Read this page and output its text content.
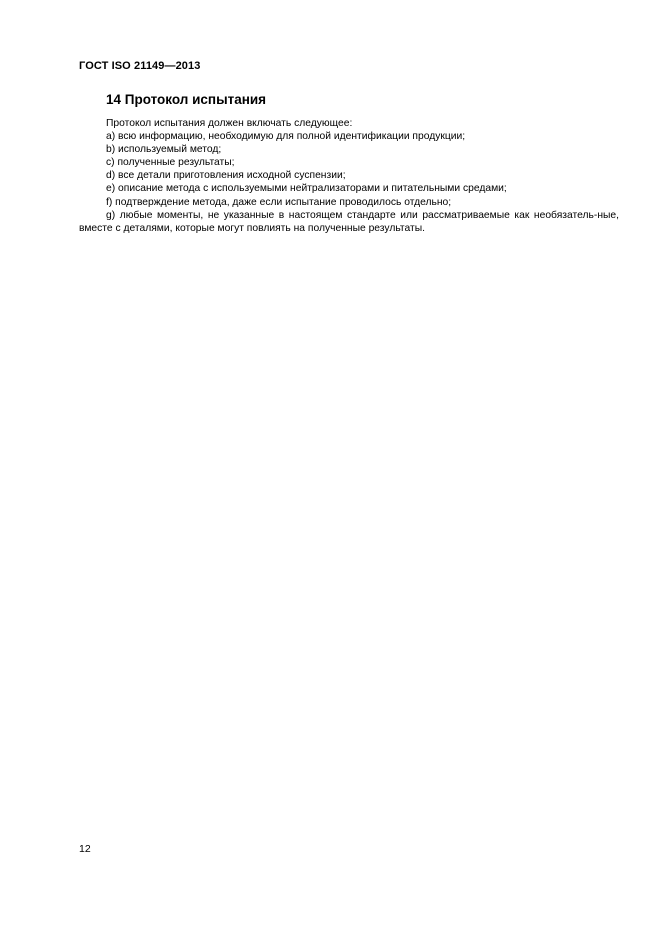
ГОСТ ISO 21149—2013
14 Протокол испытания

Протокол испытания должен включать следующее:

a) всю информацию, необходимую для полной идентификации продукции;

b) используемый метод;

c) полученные результаты;

d) все детали приготовления исходной суспензии;

e) описание метода с используемыми нейтрализаторами и питательными средами;

f) подтверждение метода, даже если испытание проводилось отдельно;

g) любые моменты, не указанные в настоящем стандарте или рассматриваемые как необязатель-ные, вместе с деталями, которые могут повлиять на полученные результаты.

12
